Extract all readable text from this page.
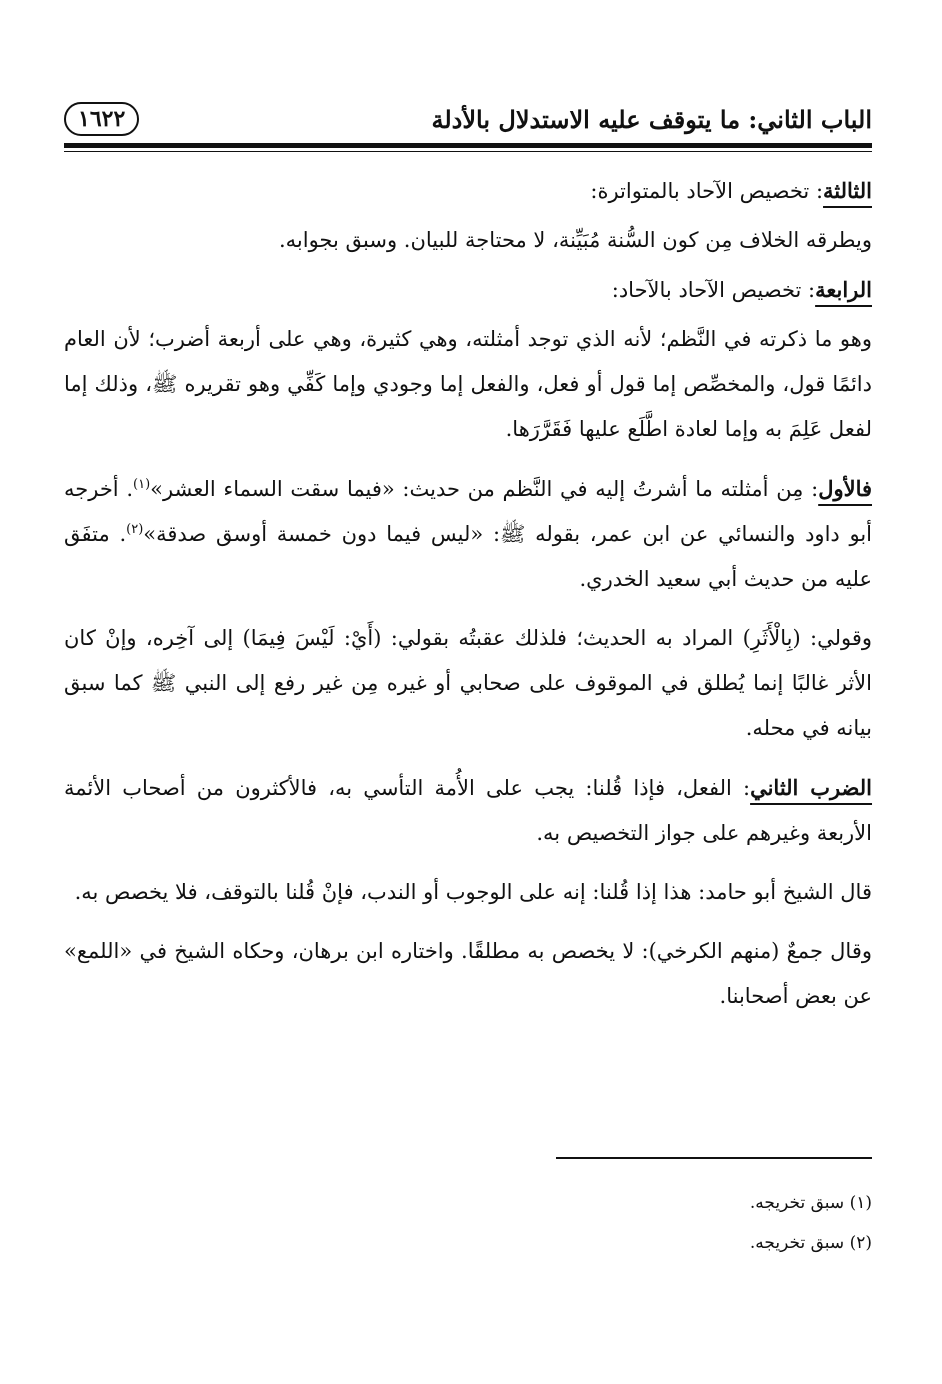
الباب الثاني: ما يتوقف عليه الاستدلال بالأدلة
١٦٢٢

الثالثة: تخصيص الآحاد بالمتواترة:

ويطرقه الخلاف مِن كون السُّنة مُبَيِّنة، لا محتاجة للبيان. وسبق بجوابه.

الرابعة: تخصيص الآحاد بالآحاد:

وهو ما ذكرته في النَّظم؛ لأنه الذي توجد أمثلته، وهي كثيرة، وهي على أربعة أضرب؛ لأن العام دائمًا قول، والمخصِّص إما قول أو فعل، والفعل إما وجودي وإما كَفِّي وهو تقريره ﷺ، وذلك إما لفعل عَلِمَ به وإما لعادة اطَّلَع عليها فَقَرَّرَها.

فالأول: مِن أمثلته ما أشرتُ إليه في النَّظم من حديث: «فيما سقت السماء العشر»$^{(١)}$. أخرجه أبو داود والنسائي عن ابن عمر، بقوله ﷺ: «ليس فيما دون خمسة أوسق صدقة»$^{(٢)}$. متفَق عليه من حديث أبي سعيد الخدري.

وقولي: (بِالْأَثَرِ) المراد به الحديث؛ فلذلك عقبتُه بقولي: (أَيْ: لَيْسَ فِيمَا) إلى آخِره، وإنْ كان الأثر غالبًا إنما يُطلق في الموقوف على صحابي أو غيره مِن غير رفع إلى النبي ﷺ كما سبق بيانه في محله.

الضرب الثاني: الفعل، فإذا قُلنا: يجب على الأُمة التأسي به، فالأكثرون من أصحاب الأئمة الأربعة وغيرهم على جواز التخصيص به.

قال الشيخ أبو حامد: هذا إذا قُلنا: إنه على الوجوب أو الندب، فإنْ قُلنا بالتوقف، فلا يخصص به.

وقال جمعٌ (منهم الكرخي): لا يخصص به مطلقًا. واختاره ابن برهان، وحكاه الشيخ في «اللمع» عن بعض أصحابنا.

(١) سبق تخريجه.
(٢) سبق تخريجه.
